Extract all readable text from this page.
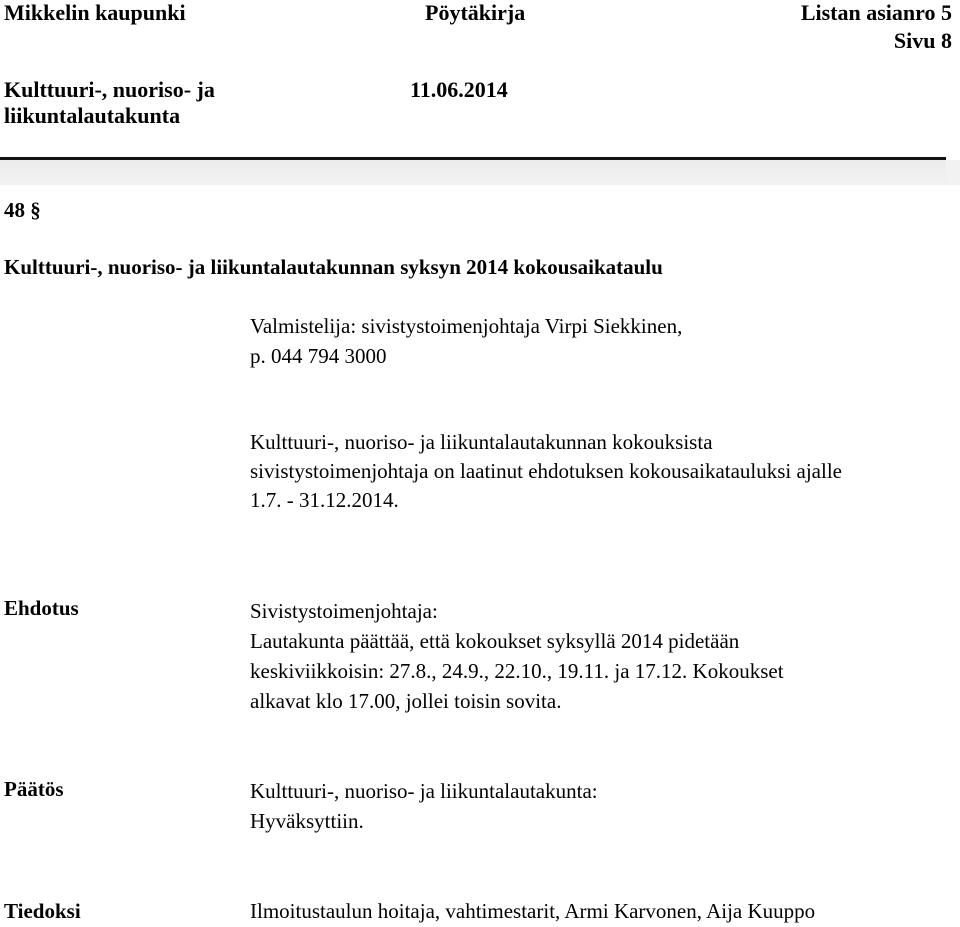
Mikkelin kaupunki	Pöytäkirja	Listan asianro 5
Sivu 8
Kulttuuri-, nuoriso- ja
liikuntalautakunta
11.06.2014
48 §
Kulttuuri-, nuoriso- ja liikuntalautakunnan syksyn 2014 kokousaikataulu
Valmistelija: sivistystoimenjohtaja Virpi Siekkinen,
p. 044 794 3000
Kulttuuri-, nuoriso- ja liikuntalautakunnan kokouksista
sivistystoimenjohtaja on laatinut ehdotuksen kokousaikatauluksi ajalle
1.7. - 31.12.2014.
Ehdotus	Sivistystoimenjohtaja:
Lautakunta päättää, että kokoukset syksyllä 2014 pidetään
keskiviikkoisin: 27.8., 24.9., 22.10., 19.11. ja 17.12. Kokoukset
alkavat klo 17.00, jollei toisin sovita.
Päätös	Kulttuuri-, nuoriso- ja liikuntalautakunta:
Hyväksyttiin.
Tiedoksi	Ilmoitustaulun hoitaja, vahtimestarit, Armi Karvonen, Aija Kuuppo
